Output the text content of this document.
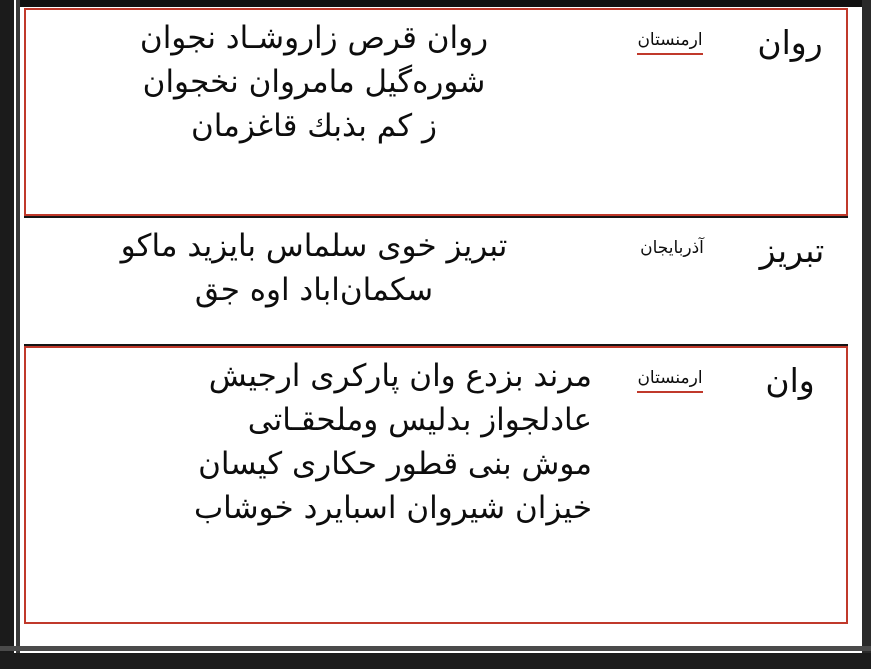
روان
ارمنستان
روان قرص زاروشـاد نجوان
شوره‌گيل مامروان نخجوان
ز كم بذبك قاغزمان
تبريز
آذربايجان
تبريز خوى سلماس بايزيد ماكو
سكمان‌اباد اوه جق
وان
ارمنستان
مرند بزدع وان پاركرى ارجيش
عادلجواز بدليس وملحقـاتى
موش بنى قطور حكارى كيسان
خيزان شيروان اسبايرد خوشاب
